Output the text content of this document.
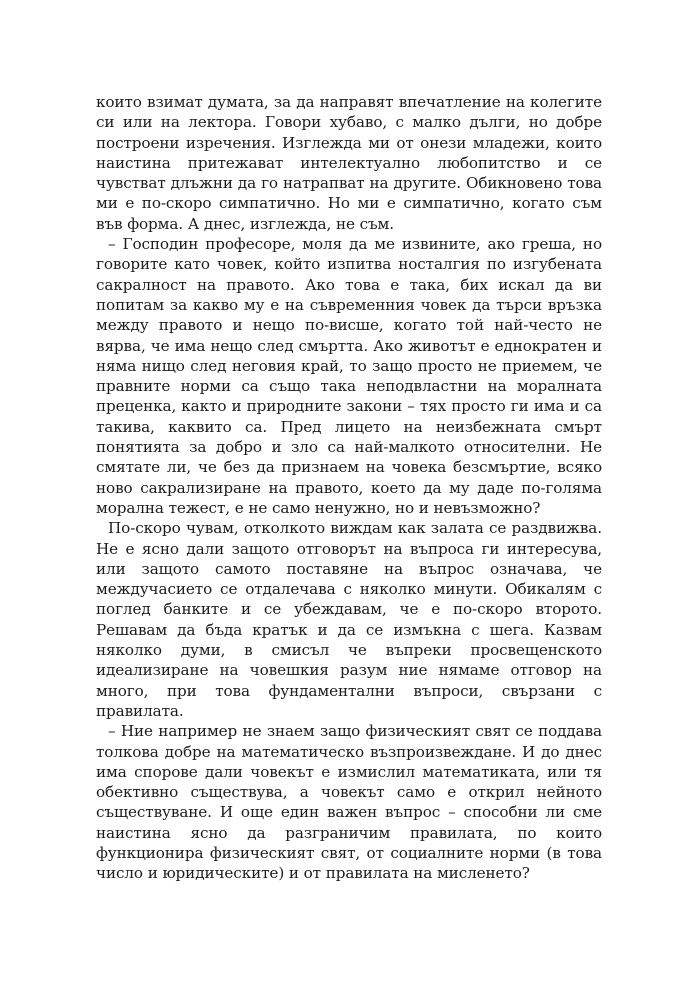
които взимат думата, за да направят впечатление на колегите си или на лектора. Говори хубаво, с малко дълги, но добре построени изречения. Изглежда ми от онези младежи, които наистина притежават интелектуално любопитство и се чувстват длъжни да го натрапват на другите. Обикновено това ми е по-скоро симпатично. Но ми е симпатично, когато съм във форма. А днес, изглежда, не съм.

– Господин професоре, моля да ме извините, ако греша, но говорите като човек, който изпитва носталгия по изгубената сакралност на правото. Ако това е така, бих искал да ви попитам за какво му е на съвременния човек да търси връзка между правото и нещо по-висше, когато той най-често не вярва, че има нещо след смъртта. Ако животът е еднократен и няма нищо след неговия край, то защо просто не приемем, че правните норми са също така неподвластни на моралната преценка, както и природните закони – тях просто ги има и са такива, каквито са. Пред лицето на неизбежната смърт понятията за добро и зло са най-малкото относителни. Не смятате ли, че без да признаем на човека безсмъртие, всяко ново сакрализиране на правото, което да му даде по-голяма морална тежест, е не само ненужно, но и невъзможно?

По-скоро чувам, отколкото виждам как залата се раздвижва. Не е ясно дали защото отговорът на въпроса ги интересува, или защото самото поставяне на въпрос означава, че междучасието се отдалечава с няколко минути. Обикалям с поглед банките и се убеждавам, че е по-скоро второто. Решавам да бъда кратък и да се измъкна с шега. Казвам няколко думи, в смисъл че въпреки просвещенското идеализиране на човешкия разум ние нямаме отговор на много, при това фундаментални въпроси, свързани с правилата.

– Ние например не знаем защо физическият свят се поддава толкова добре на математическо възпроизвеждане. И до днес има спорове дали човекът е измислил математиката, или тя обективно съществува, а човекът само е открил нейното съществуване. И още един важен въпрос – способни ли сме наистина ясно да разграничим правилата, по които функционира физическият свят, от социалните норми (в това число и юридическите) и от правилата на мисленето?
